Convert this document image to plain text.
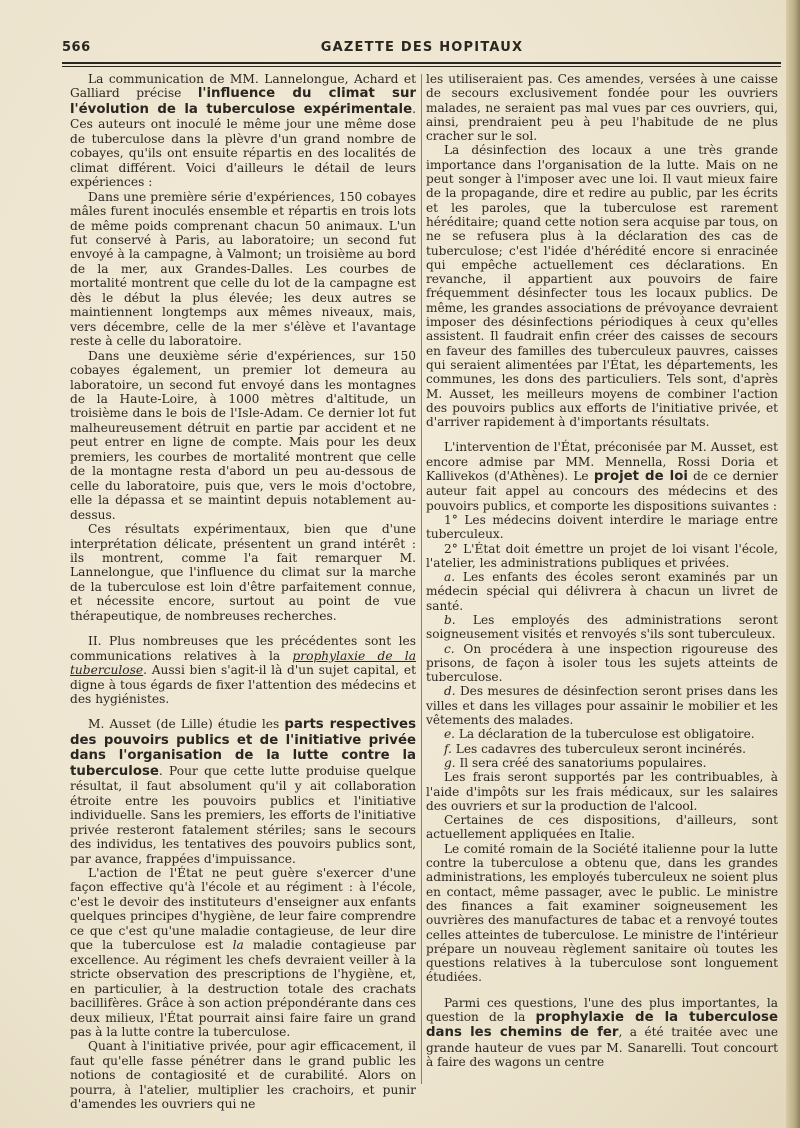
566	GAZETTE DES HOPITAUX

La communication de MM. Lannelongue, Achard et Galliard précise l'influence du climat sur l'évolution de la tuberculose expérimentale. Ces auteurs ont inoculé le même jour une même dose de tuberculose dans la plèvre d'un grand nombre de cobayes, qu'ils ont ensuite répartis en des localités de climat différent. Voici d'ailleurs le détail de leurs expériences :

Dans une première série d'expériences, 150 cobayes mâles furent inoculés ensemble et répartis en trois lots de même poids comprenant chacun 50 animaux. L'un fut conservé à Paris, au laboratoire; un second fut envoyé à la campagne, à Valmont; un troisième au bord de la mer, aux Grandes-Dalles. Les courbes de mortalité montrent que celle du lot de la campagne est dès le début la plus élevée; les deux autres se maintiennent longtemps aux mêmes niveaux, mais, vers décembre, celle de la mer s'élève et l'avantage reste à celle du laboratoire.

Dans une deuxième série d'expériences, sur 150 cobayes également, un premier lot demeura au laboratoire, un second fut envoyé dans les montagnes de la Haute-Loire, à 1000 mètres d'altitude, un troisième dans le bois de l'Isle-Adam. Ce dernier lot fut malheureusement détruit en partie par accident et ne peut entrer en ligne de compte. Mais pour les deux premiers, les courbes de mortalité montrent que celle de la montagne resta d'abord un peu au-dessous de celle du laboratoire, puis que, vers le mois d'octobre, elle la dépassa et se maintint depuis notablement au-dessus.

Ces résultats expérimentaux, bien que d'une interprétation délicate, présentent un grand intérêt : ils montrent, comme l'a fait remarquer M. Lannelongue, que l'influence du climat sur la marche de la tuberculose est loin d'être parfaitement connue, et nécessite encore, surtout au point de vue thérapeutique, de nombreuses recherches.

II. Plus nombreuses que les précédentes sont les communications relatives à la prophylaxie de la tuberculose. Aussi bien s'agit-il là d'un sujet capital, et digne à tous égards de fixer l'attention des médecins et des hygiénistes.

M. Ausset (de Lille) étudie les parts respectives des pouvoirs publics et de l'initiative privée dans l'organisation de la lutte contre la tuberculose. Pour que cette lutte produise quelque résultat, il faut absolument qu'il y ait collaboration étroite entre les pouvoirs publics et l'initiative individuelle. Sans les premiers, les efforts de l'initiative privée resteront fatalement stériles; sans le secours des individus, les tentatives des pouvoirs publics sont, par avance, frappées d'impuissance.

L'action de l'État ne peut guère s'exercer d'une façon effective qu'à l'école et au régiment : à l'école, c'est le devoir des instituteurs d'enseigner aux enfants quelques principes d'hygiène, de leur faire comprendre ce que c'est qu'une maladie contagieuse, de leur dire que la tuberculose est la maladie contagieuse par excellence. Au régiment les chefs devraient veiller à la stricte observation des prescriptions de l'hygiène, et, en particulier, à la destruction totale des crachats bacillifères. Grâce à son action prépondérante dans ces deux milieux, l'État pourrait ainsi faire faire un grand pas à la lutte contre la tuberculose.

Quant à l'initiative privée, pour agir efficacement, il faut qu'elle fasse pénétrer dans le grand public les notions de contagiosité et de curabilité. Alors on pourra, à l'atelier, multiplier les crachoirs, et punir d'amendes les ouvriers qui ne

les utiliseraient pas. Ces amendes, versées à une caisse de secours exclusivement fondée pour les ouvriers malades, ne seraient pas mal vues par ces ouvriers, qui, ainsi, prendraient peu à peu l'habitude de ne plus cracher sur le sol.

La désinfection des locaux a une très grande importance dans l'organisation de la lutte. Mais on ne peut songer à l'imposer avec une loi. Il vaut mieux faire de la propagande, dire et redire au public, par les écrits et les paroles, que la tuberculose est rarement héréditaire; quand cette notion sera acquise par tous, on ne se refusera plus à la déclaration des cas de tuberculose; c'est l'idée d'hérédité encore si enracinée qui empêche actuellement ces déclarations. En revanche, il appartient aux pouvoirs de faire fréquemment désinfecter tous les locaux publics. De même, les grandes associations de prévoyance devraient imposer des désinfections périodiques à ceux qu'elles assistent. Il faudrait enfin créer des caisses de secours en faveur des familles des tuberculeux pauvres, caisses qui seraient alimentées par l'État, les départements, les communes, les dons des particuliers. Tels sont, d'après M. Ausset, les meilleurs moyens de combiner l'action des pouvoirs publics aux efforts de l'initiative privée, et d'arriver rapidement à d'importants résultats.

L'intervention de l'État, préconisée par M. Ausset, est encore admise par MM. Mennella, Rossi Doria et Kallivekos (d'Athènes). Le projet de loi de ce dernier auteur fait appel au concours des médecins et des pouvoirs publics, et comporte les dispositions suivantes :

1° Les médecins doivent interdire le mariage entre tuberculeux.

2° L'État doit émettre un projet de loi visant l'école, l'atelier, les administrations publiques et privées.

a. Les enfants des écoles seront examinés par un médecin spécial qui délivrera à chacun un livret de santé.

b. Les employés des administrations seront soigneusement visités et renvoyés s'ils sont tuberculeux.

c. On procédera à une inspection rigoureuse des prisons, de façon à isoler tous les sujets atteints de tuberculose.

d. Des mesures de désinfection seront prises dans les villes et dans les villages pour assainir le mobilier et les vêtements des malades.

e. La déclaration de la tuberculose est obligatoire.

f. Les cadavres des tuberculeux seront incinérés.

g. Il sera créé des sanatoriums populaires.

Les frais seront supportés par les contribuables, à l'aide d'impôts sur les frais médicaux, sur les salaires des ouvriers et sur la production de l'alcool.

Certaines de ces dispositions, d'ailleurs, sont actuellement appliquées en Italie.

Le comité romain de la Société italienne pour la lutte contre la tuberculose a obtenu que, dans les grandes administrations, les employés tuberculeux ne soient plus en contact, même passager, avec le public. Le ministre des finances a fait examiner soigneusement les ouvrières des manufactures de tabac et a renvoyé toutes celles atteintes de tuberculose. Le ministre de l'intérieur prépare un nouveau règlement sanitaire où toutes les questions relatives à la tuberculose sont longuement étudiées.

Parmi ces questions, l'une des plus importantes, la question de la prophylaxie de la tuberculose dans les chemins de fer, a été traitée avec une grande hauteur de vues par M. Sanarelli. Tout concourt à faire des wagons un centre
